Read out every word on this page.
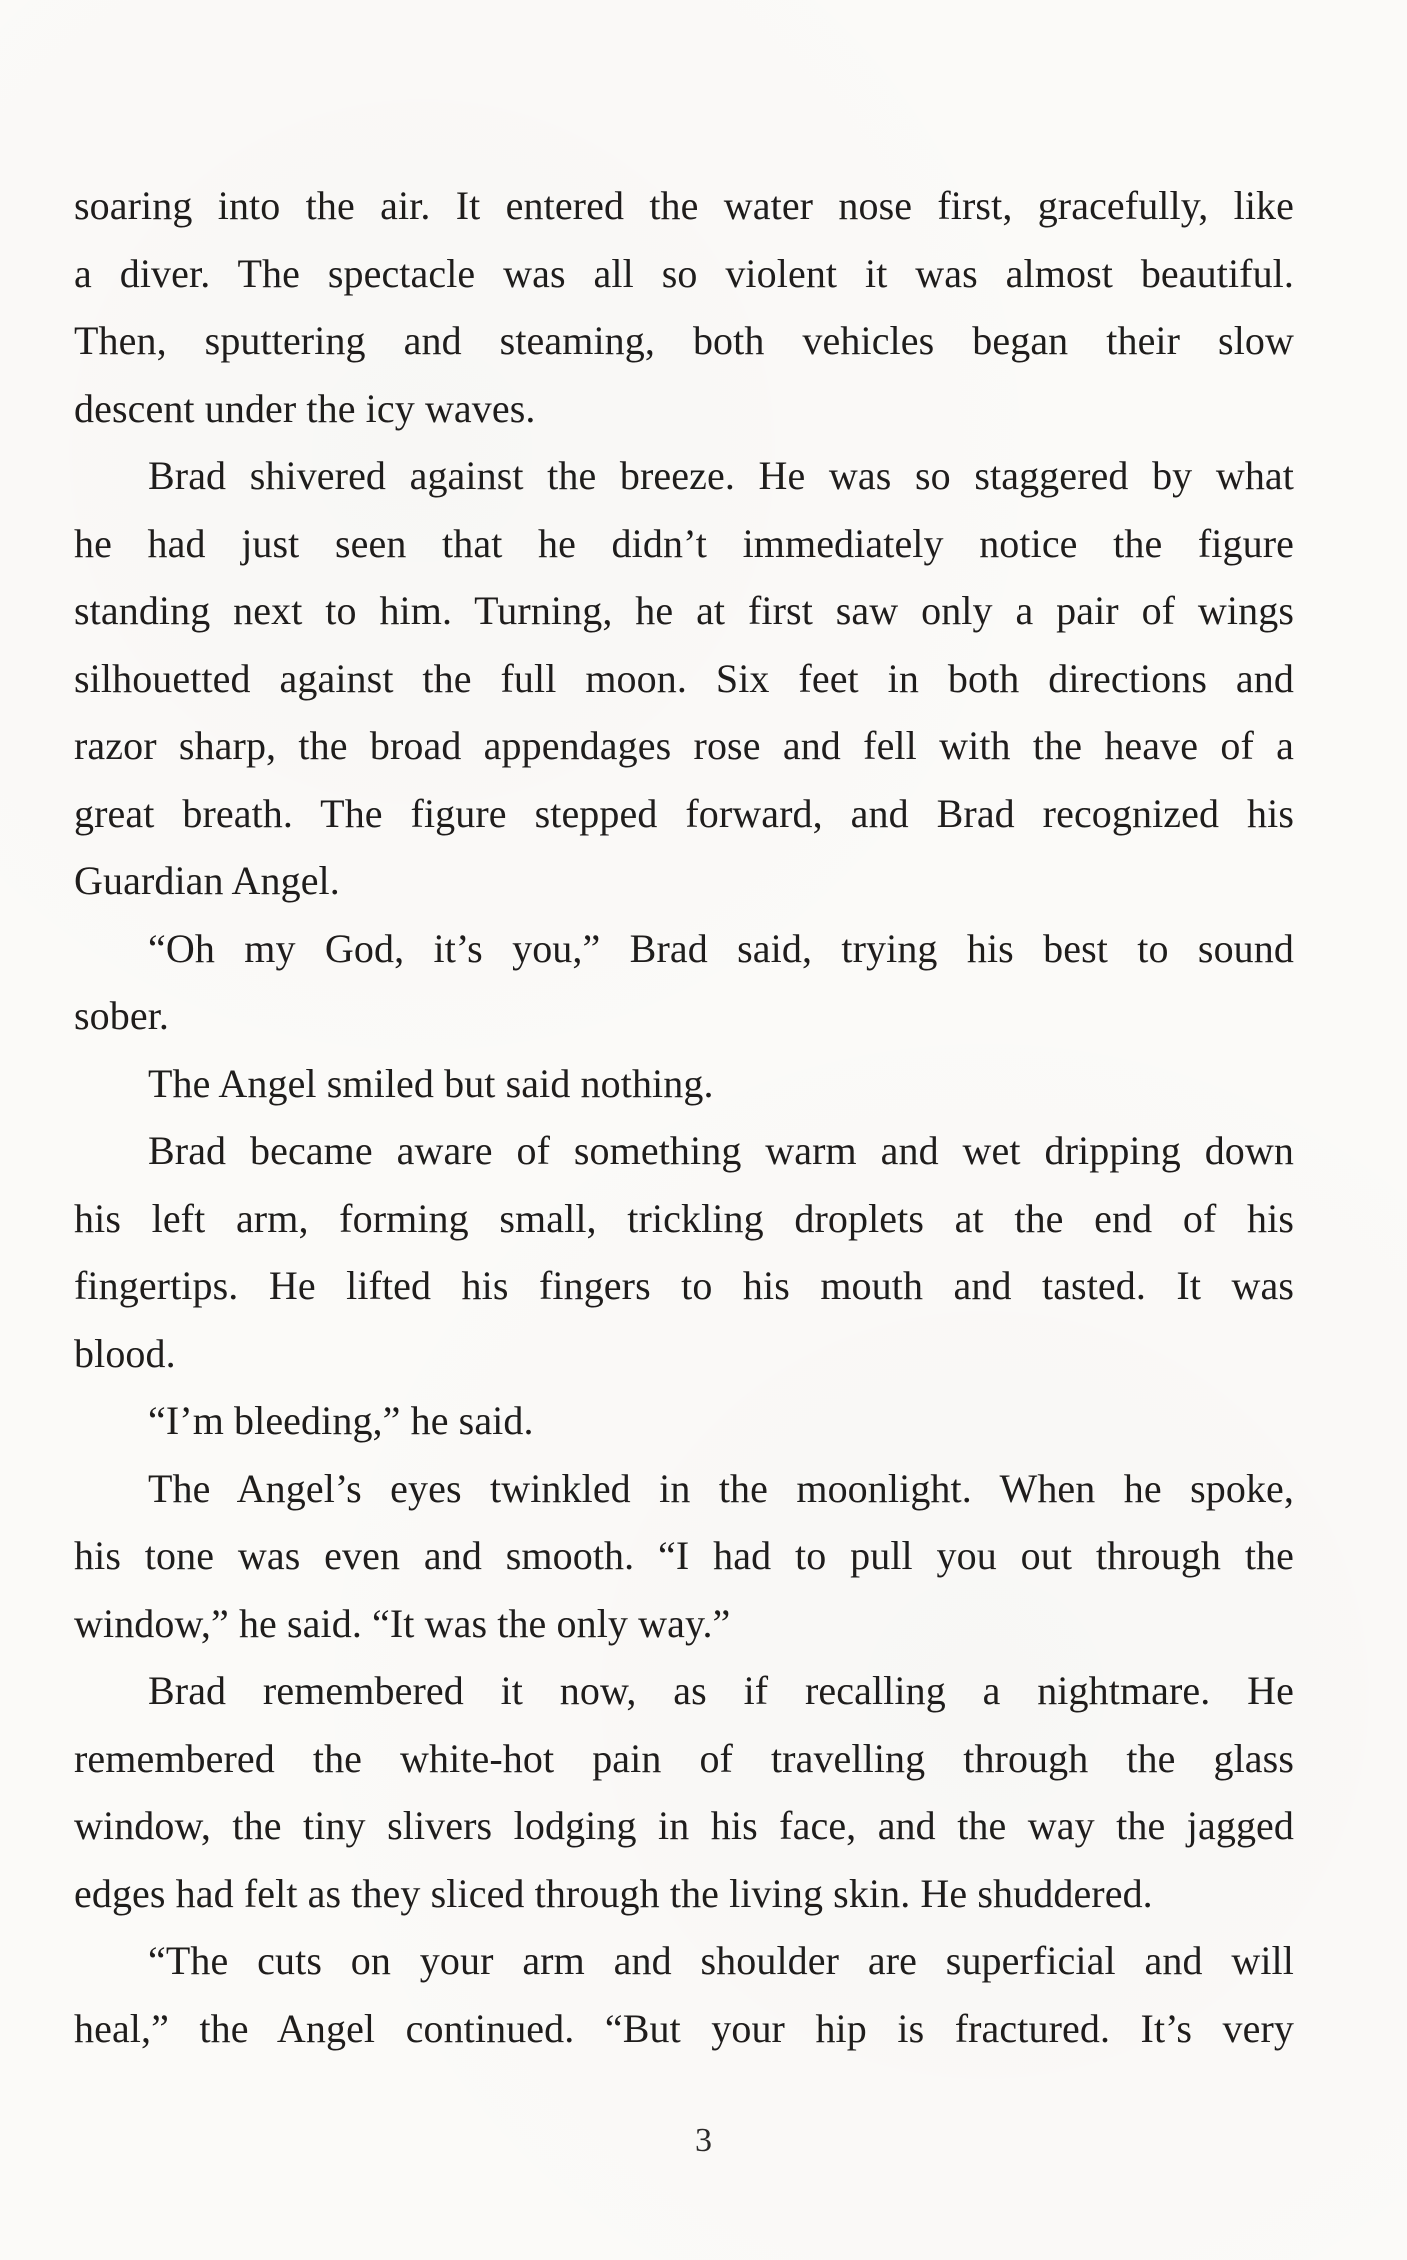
soaring into the air. It entered the water nose first, gracefully, like
a diver. The spectacle was all so violent it was almost beautiful.
Then, sputtering and steaming, both vehicles began their slow
descent under the icy waves.
Brad shivered against the breeze. He was so staggered by what
he had just seen that he didn’t immediately notice the figure
standing next to him. Turning, he at first saw only a pair of wings
silhouetted against the full moon. Six feet in both directions and
razor sharp, the broad appendages rose and fell with the heave of a
great breath. The figure stepped forward, and Brad recognized his
Guardian Angel.
“Oh my God, it’s you,” Brad said, trying his best to sound
sober.
The Angel smiled but said nothing.
Brad became aware of something warm and wet dripping down
his left arm, forming small, trickling droplets at the end of his
fingertips. He lifted his fingers to his mouth and tasted. It was
blood.
“I’m bleeding,” he said.
The Angel’s eyes twinkled in the moonlight. When he spoke,
his tone was even and smooth. “I had to pull you out through the
window,” he said. “It was the only way.”
Brad remembered it now, as if recalling a nightmare. He
remembered the white-hot pain of travelling through the glass
window, the tiny slivers lodging in his face, and the way the jagged
edges had felt as they sliced through the living skin. He shuddered.
“The cuts on your arm and shoulder are superficial and will
heal,” the Angel continued. “But your hip is fractured. It’s very
3
